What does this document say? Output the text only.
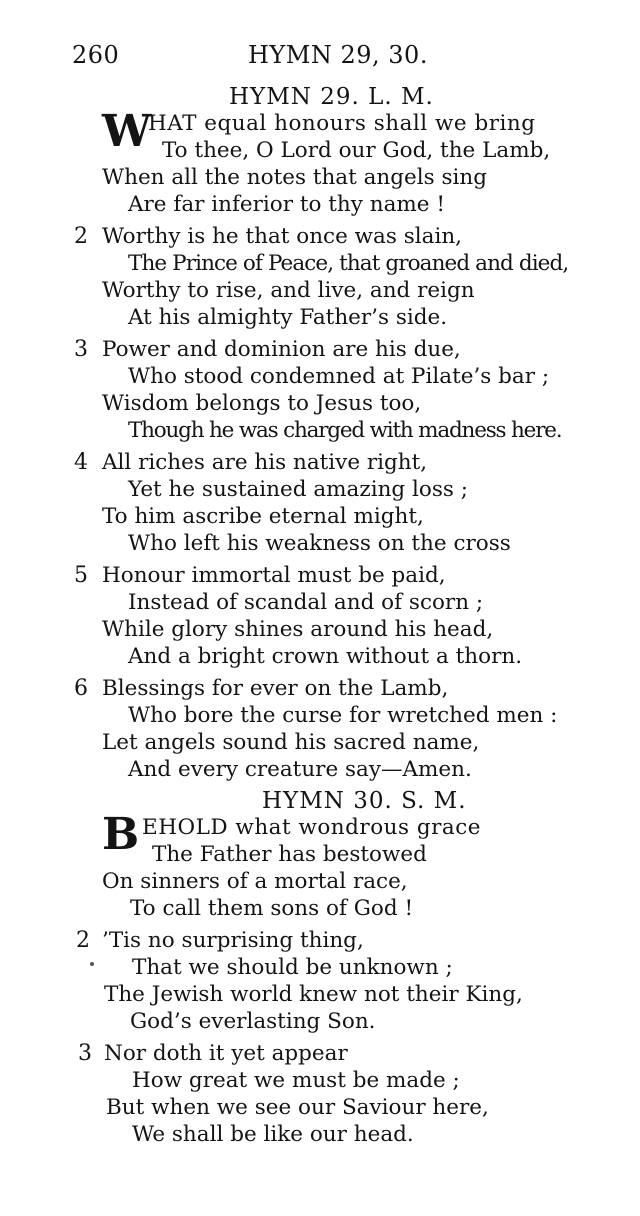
260	HYMN 29, 30.
HYMN 29. L. M.
W
HAT equal honours shall we bring
To thee, O Lord our God, the Lamb,
When all the notes that angels sing
Are far inferior to thy name !
2 Worthy is he that once was slain,
The Prince of Peace, that groaned and died,
Worthy to rise, and live, and reign
At his almighty Father’s side.
3 Power and dominion are his due,
Who stood condemned at Pilate’s bar ;
Wisdom belongs to Jesus too,
Though he was charged with madness here.
4 All riches are his native right,
Yet he sustained amazing loss ;
To him ascribe eternal might,
Who left his weakness on the cross
5 Honour immortal must be paid,
Instead of scandal and of scorn ;
While glory shines around his head,
And a bright crown without a thorn.
6 Blessings for ever on the Lamb,
Who bore the curse for wretched men :
Let angels sound his sacred name,
And every creature say—Amen.
HYMN 30. S. M.
B EHOLD what wondrous grace
The Father has bestowed
On sinners of a mortal race,
To call them sons of God !
2 ’Tis no surprising thing,
That we should be unknown ;
The Jewish world knew not their King,
God’s everlasting Son.
3 Nor doth it yet appear
How great we must be made ;
But when we see our Saviour here,
We shall be like our head.
